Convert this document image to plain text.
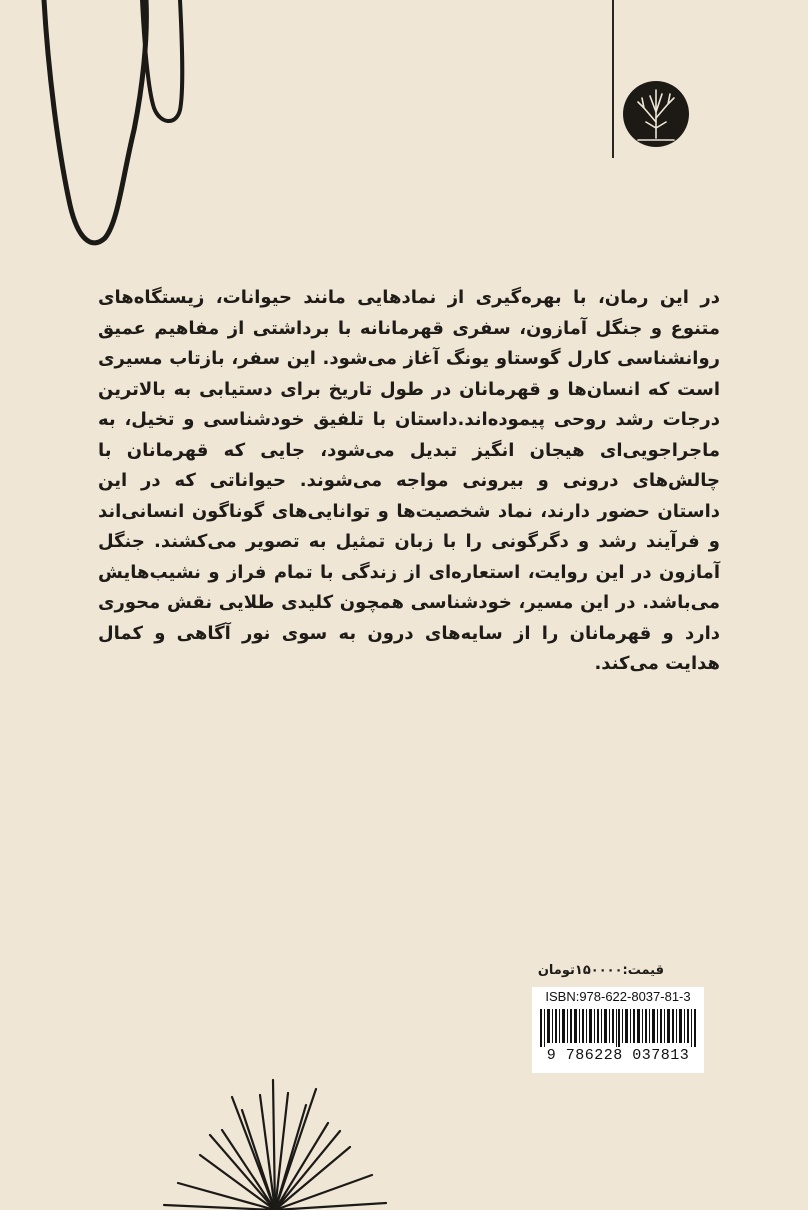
در این رمان، با بهره‌گیری از نمادهایی مانند حیوانات، زیستگاه‌های متنوع و جنگل آمازون، سفری قهرمانانه با برداشتی از مفاهیم عمیق روانشناسی کارل گوستاو یونگ آغاز می‌شود. این سفر، بازتاب مسیری است که انسان‌ها و قهرمانان در طول تاریخ برای دستیابی به بالاترین درجات رشد روحی پیموده‌اند.داستان با تلفیق خودشناسی و تخیل، به ماجراجویی‌ای هیجان انگیز تبدیل می‌شود، جایی که قهرمانان با چالش‌های درونی و بیرونی مواجه می‌شوند. حیواناتی که در این داستان حضور دارند، نماد شخصیت‌ها و توانایی‌های گوناگون انسانی‌اند و فرآیند رشد و دگرگونی را با زبان تمثیل به تصویر می‌کشند. جنگل آمازون در این روایت، استعاره‌ای از زندگی با تمام فراز و نشیب‌هایش می‌باشد. در این مسیر، خودشناسی همچون کلیدی طلایی نقش محوری دارد و قهرمانان را از سایه‌های درون به سوی نور آگاهی و کمال هدایت می‌کند.
قیمت:۱۵۰۰۰۰تومان
ISBN:978-622-8037-81-3
9 786228 037813
